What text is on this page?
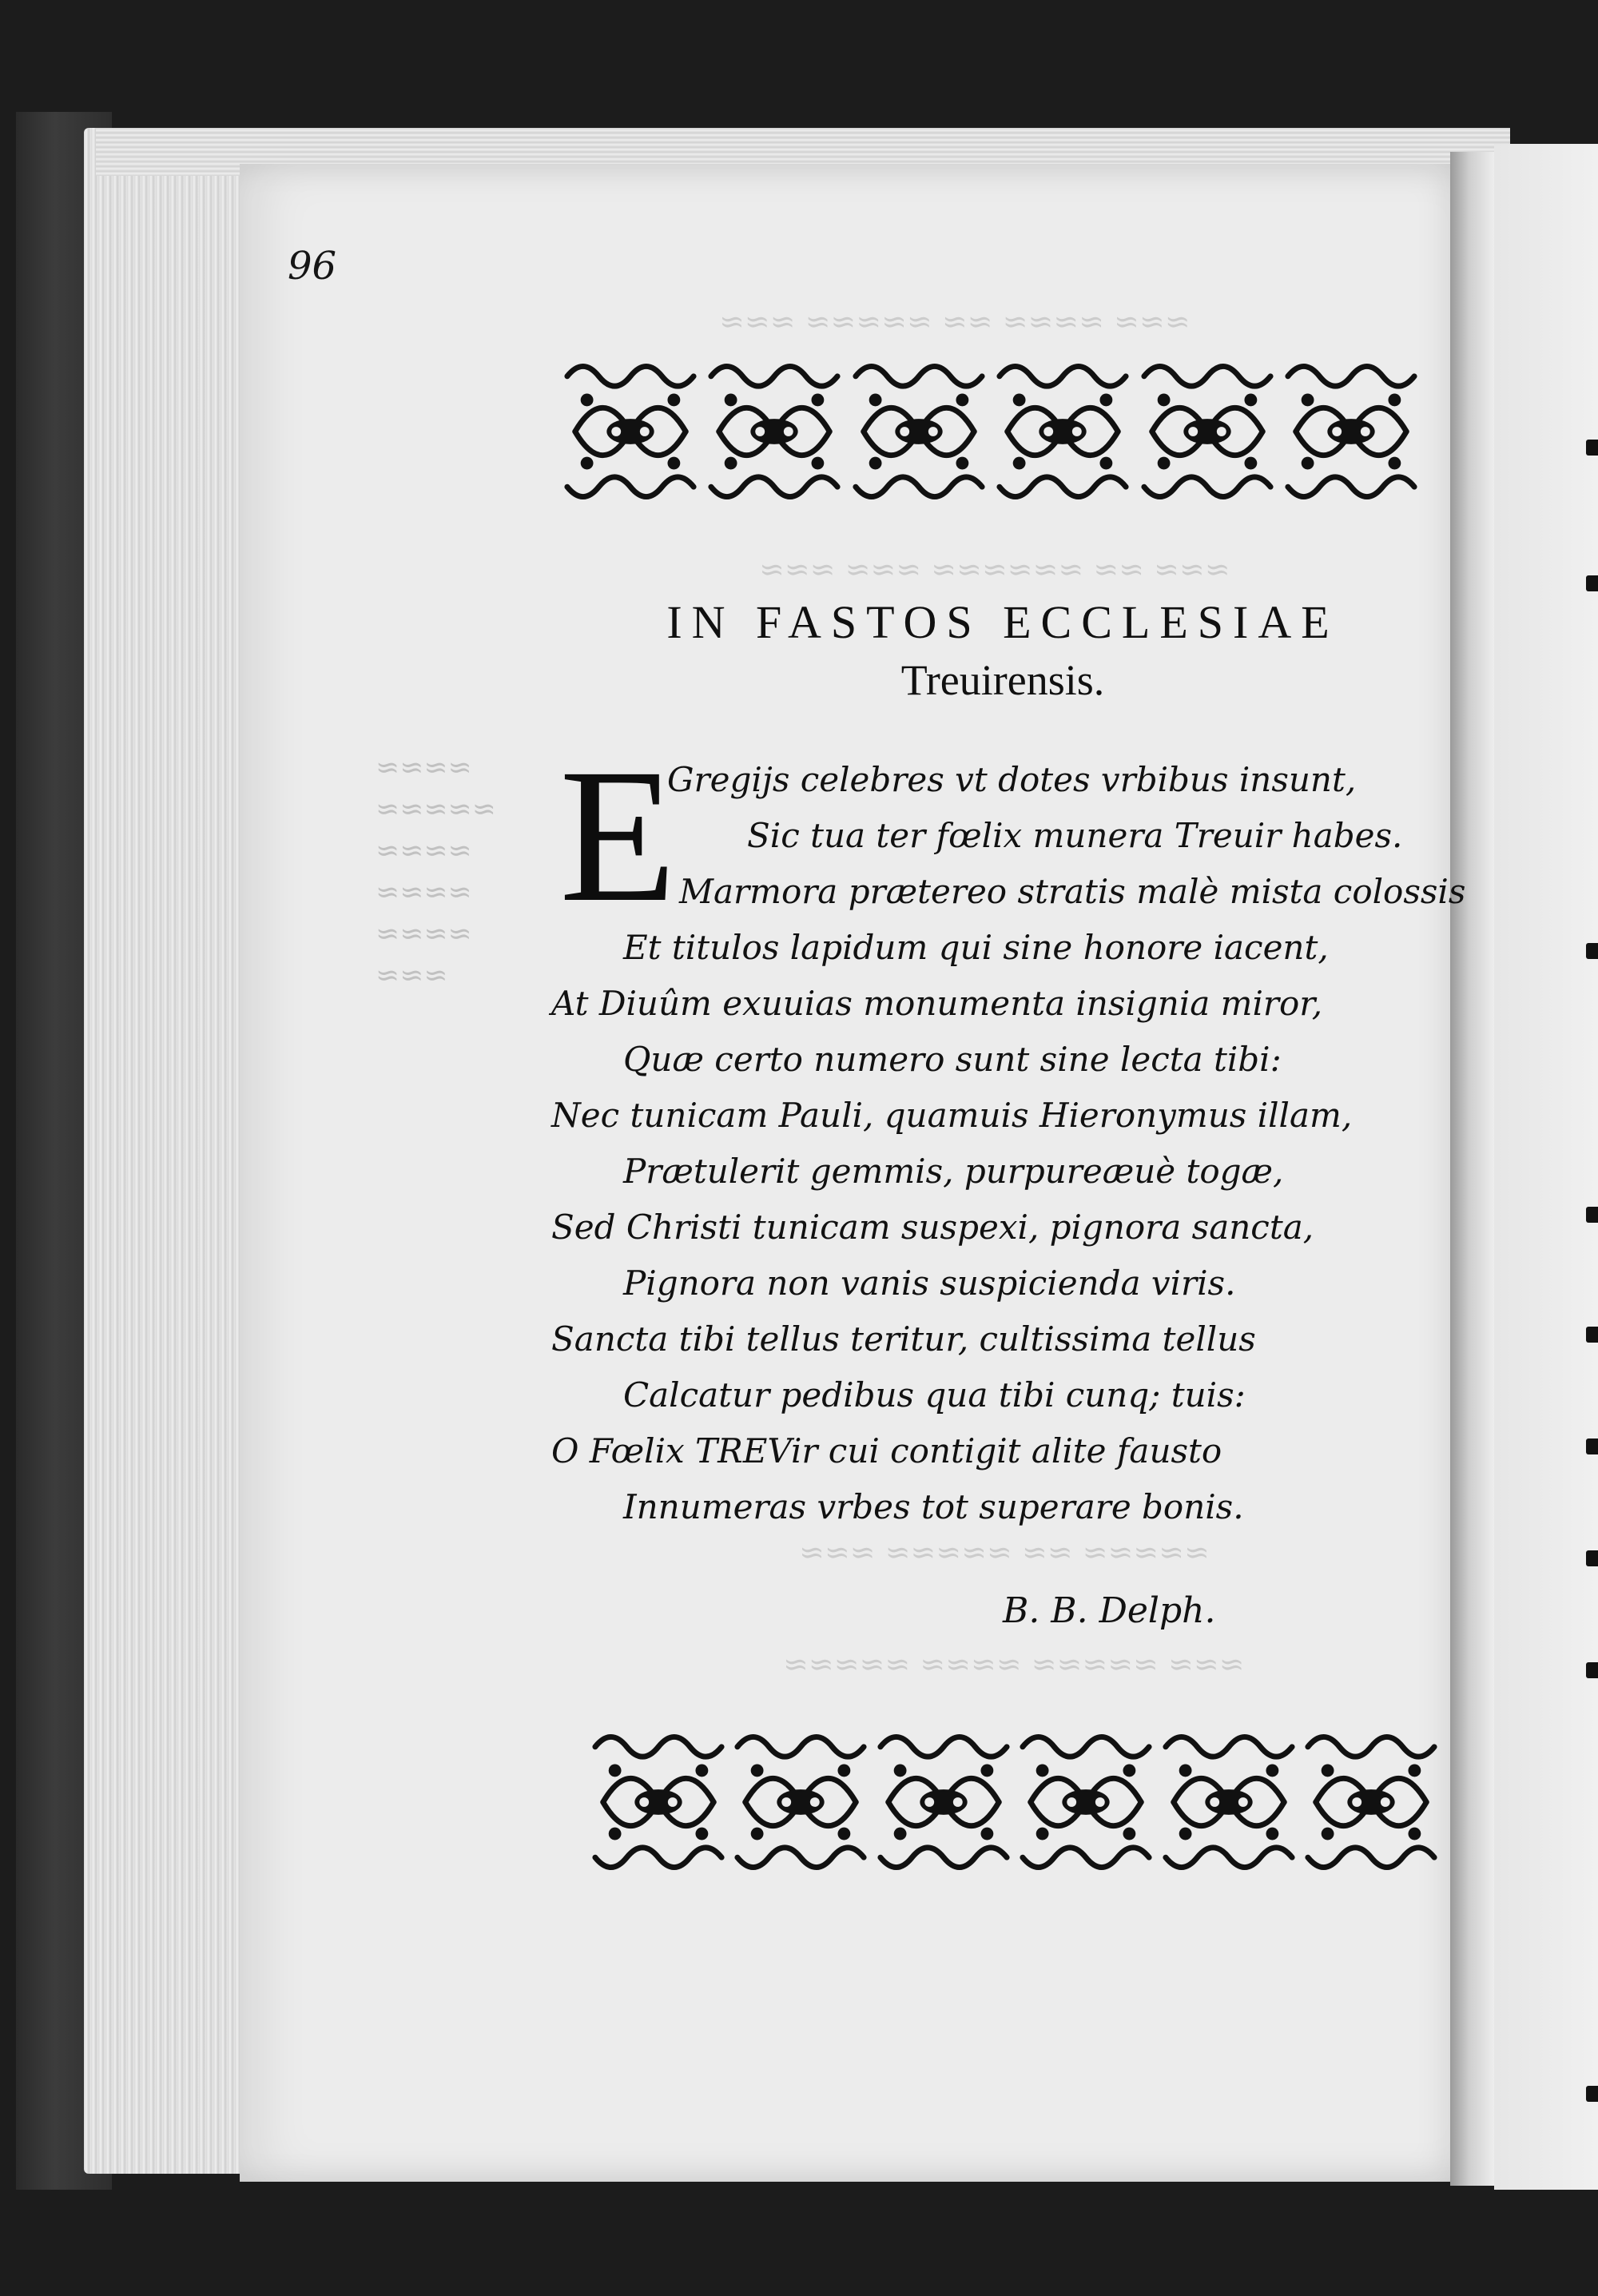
≈≈≈ ≈≈≈≈ ≈≈ ≈≈≈≈≈ ≈≈≈
≈≈≈ ≈≈ ≈≈≈≈≈≈ ≈≈≈ ≈≈≈
≈≈≈≈≈ ≈≈ ≈≈≈≈≈ ≈≈≈
≈≈≈ ≈≈≈≈≈ ≈≈≈≈ ≈≈≈≈≈
≈≈≈≈
≈≈≈≈≈
≈≈≈≈
≈≈≈≈
≈≈≈≈
≈≈≈
96
IN FASTOS ECCLESIAE
Treuirensis.
E

Gregijs celebres vt dotes vrbibus insunt,

Sic tua ter fœlix munera Treuir habes.

Marmora prætereo stratis malè mista colossis

Et titulos lapidum qui sine honore iacent,

At Diuûm exuuias monumenta insignia miror,

Quæ certo numero sunt sine lecta tibi:

Nec tunicam Pauli, quamuis Hieronymus illam,

Prætulerit gemmis, purpureæuè togæ,

Sed Christi tunicam suspexi, pignora sancta,

Pignora non vanis suspicienda viris.

Sancta tibi tellus teritur, cultissima tellus

Calcatur pedibus qua tibi cunq; tuis:

O Fœlix TREVir cui contigit alite fausto

Innumeras vrbes tot superare bonis.

B. B. Delph.
